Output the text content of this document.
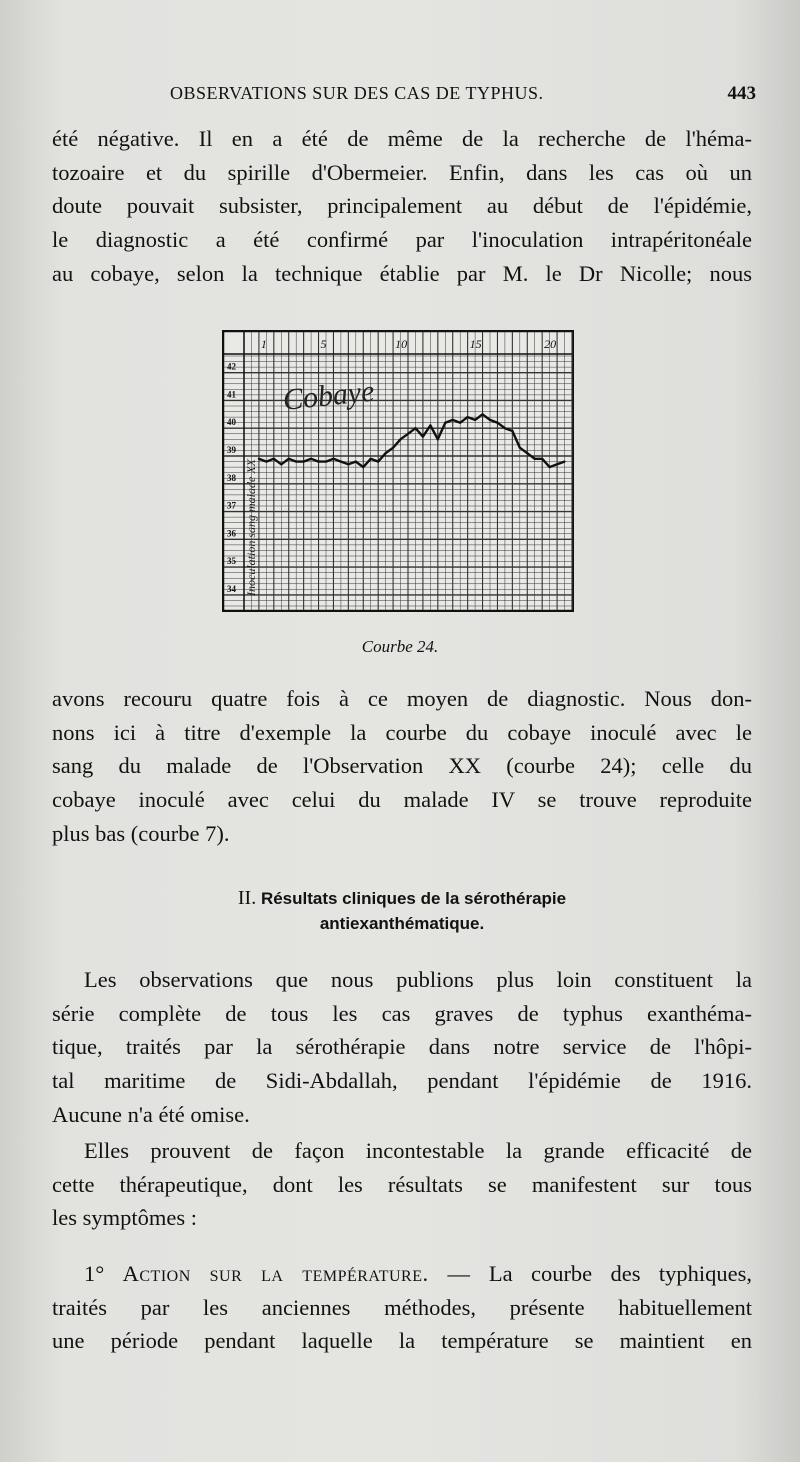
OBSERVATIONS SUR DES CAS DE TYPHUS.	443
été négative. Il en a été de même de la recherche de l'héma-
tozoaire et du spirille d'Obermeier. Enfin, dans les cas où un
doute pouvait subsister, principalement au début de l'épidémie,
le diagnostic a été confirmé par l'inoculation intrapéritonéale
au cobaye, selon la technique établie par M. le Dr Nicolle; nous
42
41
40
39
38
37
36
35
34
1	5	10	15	20
Cobaye
Inoculation sang malade XX
Courbe 24.
avons recouru quatre fois à ce moyen de diagnostic. Nous don-
nons ici à titre d'exemple la courbe du cobaye inoculé avec le
sang du malade de l'Observation XX (courbe 24); celle du
cobaye inoculé avec celui du malade IV se trouve reproduite
plus bas (courbe 7).
II. Résultats cliniques de la sérothérapie
antiexanthématique.
Les observations que nous publions plus loin constituent la
série complète de tous les cas graves de typhus exanthéma-
tique, traités par la sérothérapie dans notre service de l'hôpi-
tal maritime de Sidi-Abdallah, pendant l'épidémie de 1916.
Aucune n'a été omise.
Elles prouvent de façon incontestable la grande efficacité de
cette thérapeutique, dont les résultats se manifestent sur tous
les symptômes :
1° Action sur la température. — La courbe des typhiques,
traités par les anciennes méthodes, présente habituellement
une période pendant laquelle la température se maintient en
